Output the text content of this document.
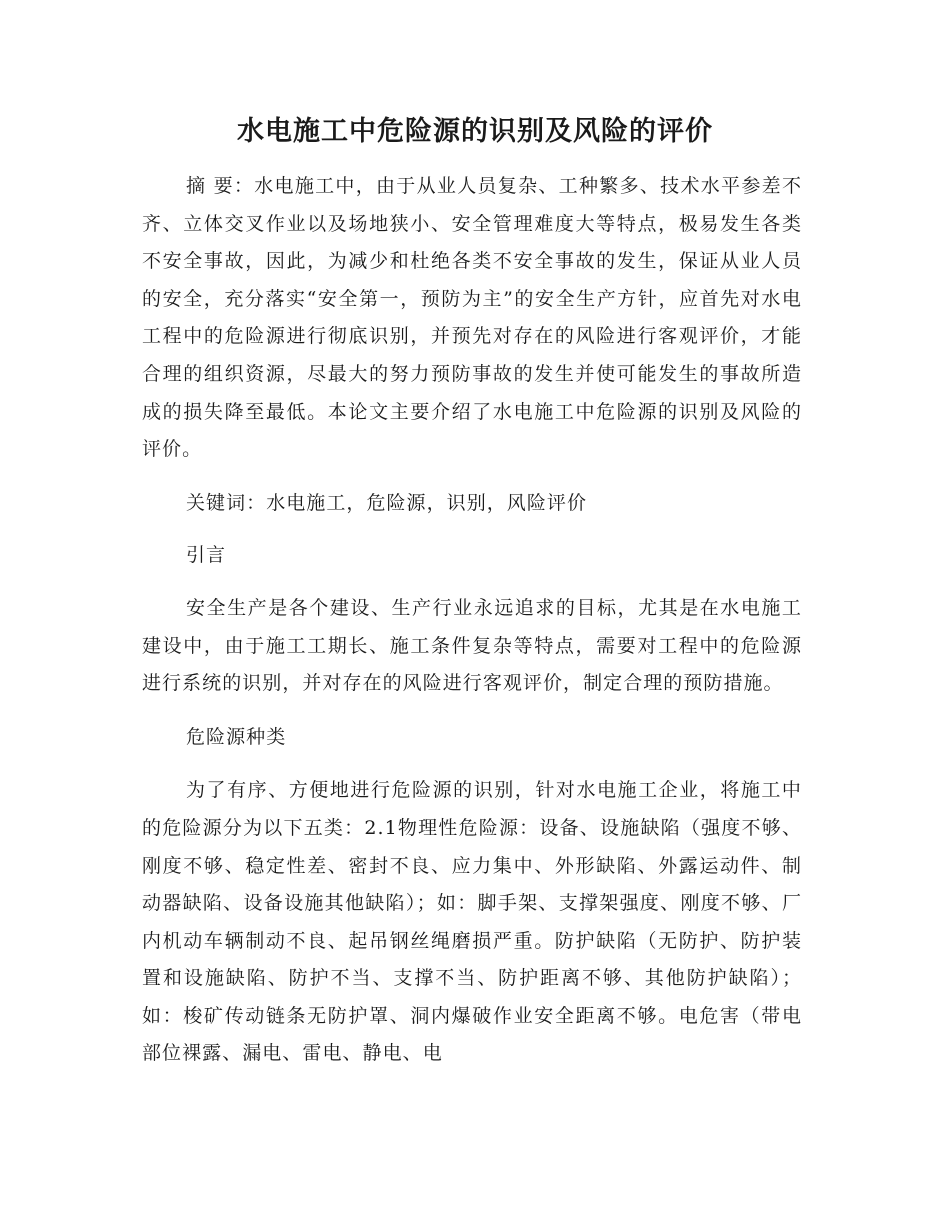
水电施工中危险源的识别及风险的评价

摘 要：水电施工中，由于从业人员复杂、工种繁多、技术水平参差不齐、立体交叉作业以及场地狭小、安全管理难度大等特点，极易发生各类不安全事故，因此，为减少和杜绝各类不安全事故的发生，保证从业人员的安全，充分落实“安全第一，预防为主”的安全生产方针，应首先对水电工程中的危险源进行彻底识别，并预先对存在的风险进行客观评价，才能合理的组织资源，尽最大的努力预防事故的发生并使可能发生的事故所造成的损失降至最低。本论文主要介绍了水电施工中危险源的识别及风险的评价。

关键词：水电施工，危险源，识别，风险评价

引言

安全生产是各个建设、生产行业永远追求的目标，尤其是在水电施工建设中，由于施工工期长、施工条件复杂等特点，需要对工程中的危险源进行系统的识别，并对存在的风险进行客观评价，制定合理的预防措施。

危险源种类

为了有序、方便地进行危险源的识别，针对水电施工企业，将施工中的危险源分为以下五类：2.1物理性危险源：设备、设施缺陷（强度不够、刚度不够、稳定性差、密封不良、应力集中、外形缺陷、外露运动件、制动器缺陷、设备设施其他缺陷）；如：脚手架、支撑架强度、刚度不够、厂内机动车辆制动不良、起吊钢丝绳磨损严重。防护缺陷（无防护、防护装置和设施缺陷、防护不当、支撑不当、防护距离不够、其他防护缺陷）；如：梭矿传动链条无防护罩、洞内爆破作业安全距离不够。电危害（带电部位裸露、漏电、雷电、静电、电
